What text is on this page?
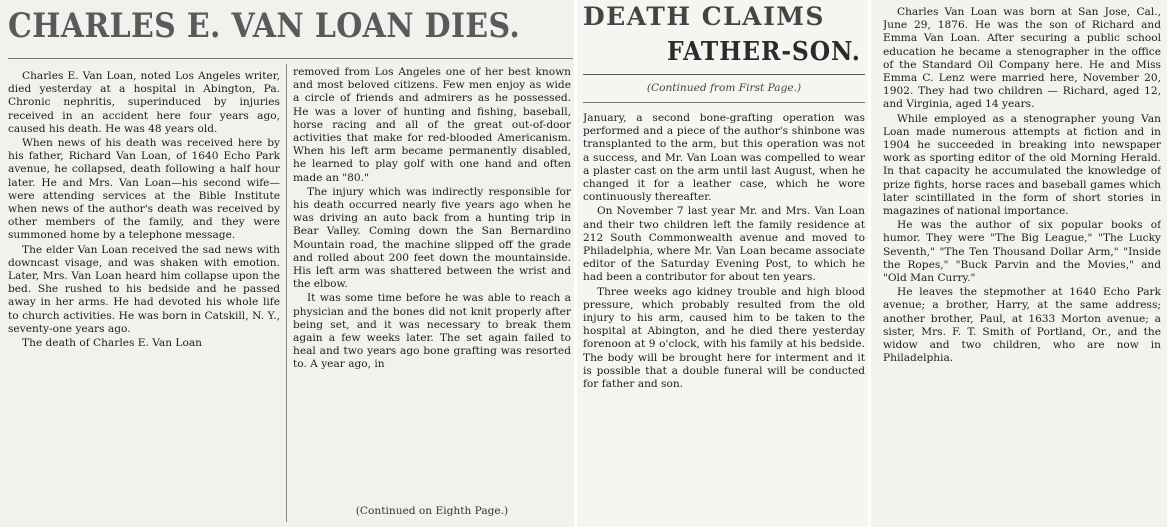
CHARLES E. VAN LOAN DIES.

Charles E. Van Loan, noted Los Angeles writer, died yesterday at a hospital in Abington, Pa. Chronic nephritis, superinduced by injuries received in an accident here four years ago, caused his death. He was 48 years old.

When news of his death was received here by his father, Richard Van Loan, of 1640 Echo Park avenue, he collapsed, death following a half hour later. He and Mrs. Van Loan—his second wife—were attending services at the Bible Institute when news of the author's death was received by other members of the family, and they were summoned home by a telephone message.

The elder Van Loan received the sad news with downcast visage, and was shaken with emotion. Later, Mrs. Van Loan heard him collapse upon the bed. She rushed to his bedside and he passed away in her arms. He had devoted his whole life to church activities. He was born in Catskill, N. Y., seventy-one years ago.

The death of Charles E. Van Loan

removed from Los Angeles one of her best known and most beloved citizens. Few men enjoy as wide a circle of friends and admirers as he possessed. He was a lover of hunting and fishing, baseball, horse racing and all of the great out-of-door activities that make for red-blooded Americanism. When his left arm became permanently disabled, he learned to play golf with one hand and often made an "80."

The injury which was indirectly responsible for his death occurred nearly five years ago when he was driving an auto back from a hunting trip in Bear Valley. Coming down the San Bernardino Mountain road, the machine slipped off the grade and rolled about 200 feet down the mountainside. His left arm was shattered between the wrist and the elbow.

It was some time before he was able to reach a physician and the bones did not knit properly after being set, and it was necessary to break them again a few weeks later. The set again failed to heal and two years ago bone grafting was resorted to. A year ago, in

(Continued on Eighth Page.)
DEATH CLAIMS
FATHER-SON.
(Continued from First Page.)

January, a second bone-grafting operation was performed and a piece of the author's shinbone was transplanted to the arm, but this operation was not a success, and Mr. Van Loan was compelled to wear a plaster cast on the arm until last August, when he changed it for a leather case, which he wore continuously thereafter.

On November 7 last year Mr. and Mrs. Van Loan and their two children left the family residence at 212 South Commonwealth avenue and moved to Philadelphia, where Mr. Van Loan became associate editor of the Saturday Evening Post, to which he had been a contributor for about ten years.

Three weeks ago kidney trouble and high blood pressure, which probably resulted from the old injury to his arm, caused him to be taken to the hospital at Abington, and he died there yesterday forenoon at 9 o'clock, with his family at his bedside. The body will be brought here for interment and it is possible that a double funeral will be conducted for father and son.

Charles Van Loan was born at San Jose, Cal., June 29, 1876. He was the son of Richard and Emma Van Loan. After securing a public school education he became a stenographer in the office of the Standard Oil Company here. He and Miss Emma C. Lenz were married here, November 20, 1902. They had two children — Richard, aged 12, and Virginia, aged 14 years.

While employed as a stenographer young Van Loan made numerous attempts at fiction and in 1904 he succeeded in breaking into newspaper work as sporting editor of the old Morning Herald. In that capacity he accumulated the knowledge of prize fights, horse races and baseball games which later scintillated in the form of short stories in magazines of national importance.

He was the author of six popular books of humor. They were "The Big League," "The Lucky Seventh," "The Ten Thousand Dollar Arm," "Inside the Ropes," "Buck Parvin and the Movies," and "Old Man Curry."

He leaves the stepmother at 1640 Echo Park avenue; a brother, Harry, at the same address; another brother, Paul, at 1633 Morton avenue; a sister, Mrs. F. T. Smith of Portland, Or., and the widow and two children, who are now in Philadelphia.
